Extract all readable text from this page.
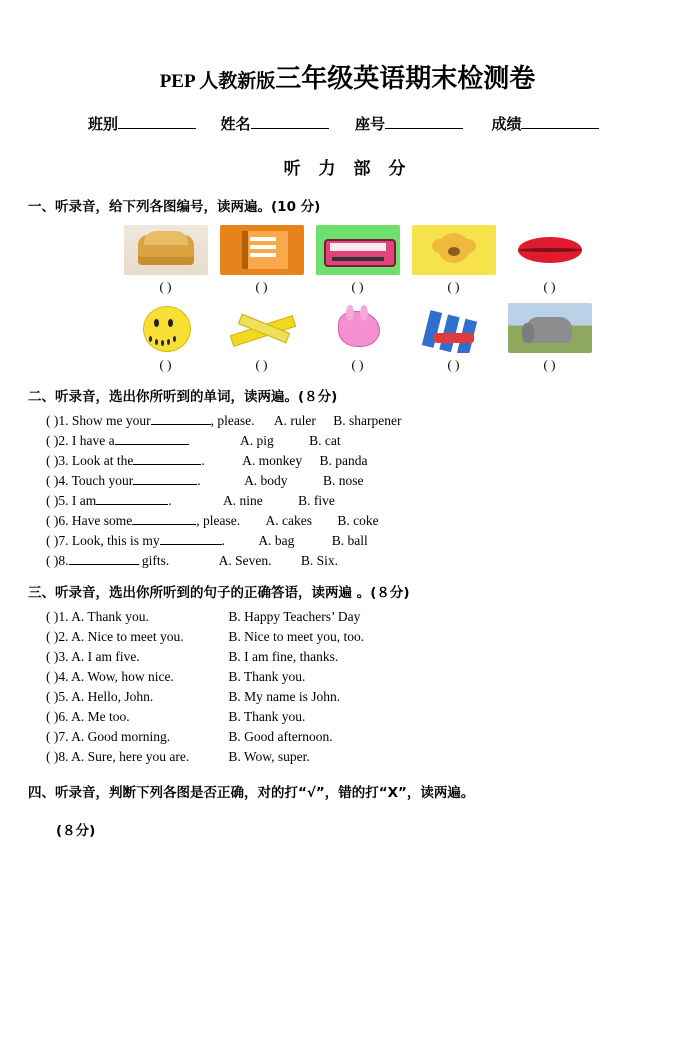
PEP 人教新版三年级英语期末检测卷
班别	姓名	座号	成绩
听 力 部 分
一、听录音，给下列各图编号，读两遍。(10 分)
( )	( )	( )	( )	( )
( )	( )	( )	( )	( )
二、听录音，选出你所听到的单词，读两遍。(８分)
( )1. Show me your	, please. A. ruler B. sharpener
( )2. I have a	A. pig	B. cat
( )3. Look at the	.	A. monkey B. panda
( )4. Touch your	.	A. body	B. nose
( )5. I am	.	A. nine	B. five
( )6. Have some	, please. A. cakes B. coke
( )7. Look, this is my	. A. bag	B. ball
( )8.	gifts.	A. Seven. B. Six.
三、听录音，选出你所听到的句子的正确答语，读两遍 。(８分)
( )1. A. Thank you.	B. Happy Teachers’ Day
( )2. A. Nice to meet you.	B. Nice to meet you, too.
( )3. A. I am five.	B. I am fine, thanks.
( )4. A. Wow, how nice.	B. Thank you.
( )5. A. Hello, John.	B. My name is John.
( )6. A. Me too.	B. Thank you.
( )7. A. Good morning.	B. Good afternoon.
( )8. A. Sure, here you are.	B. Wow, super.
四、听录音，判断下列各图是否正确，对的打“√”，错的打“X”，读两遍。
(８分)
